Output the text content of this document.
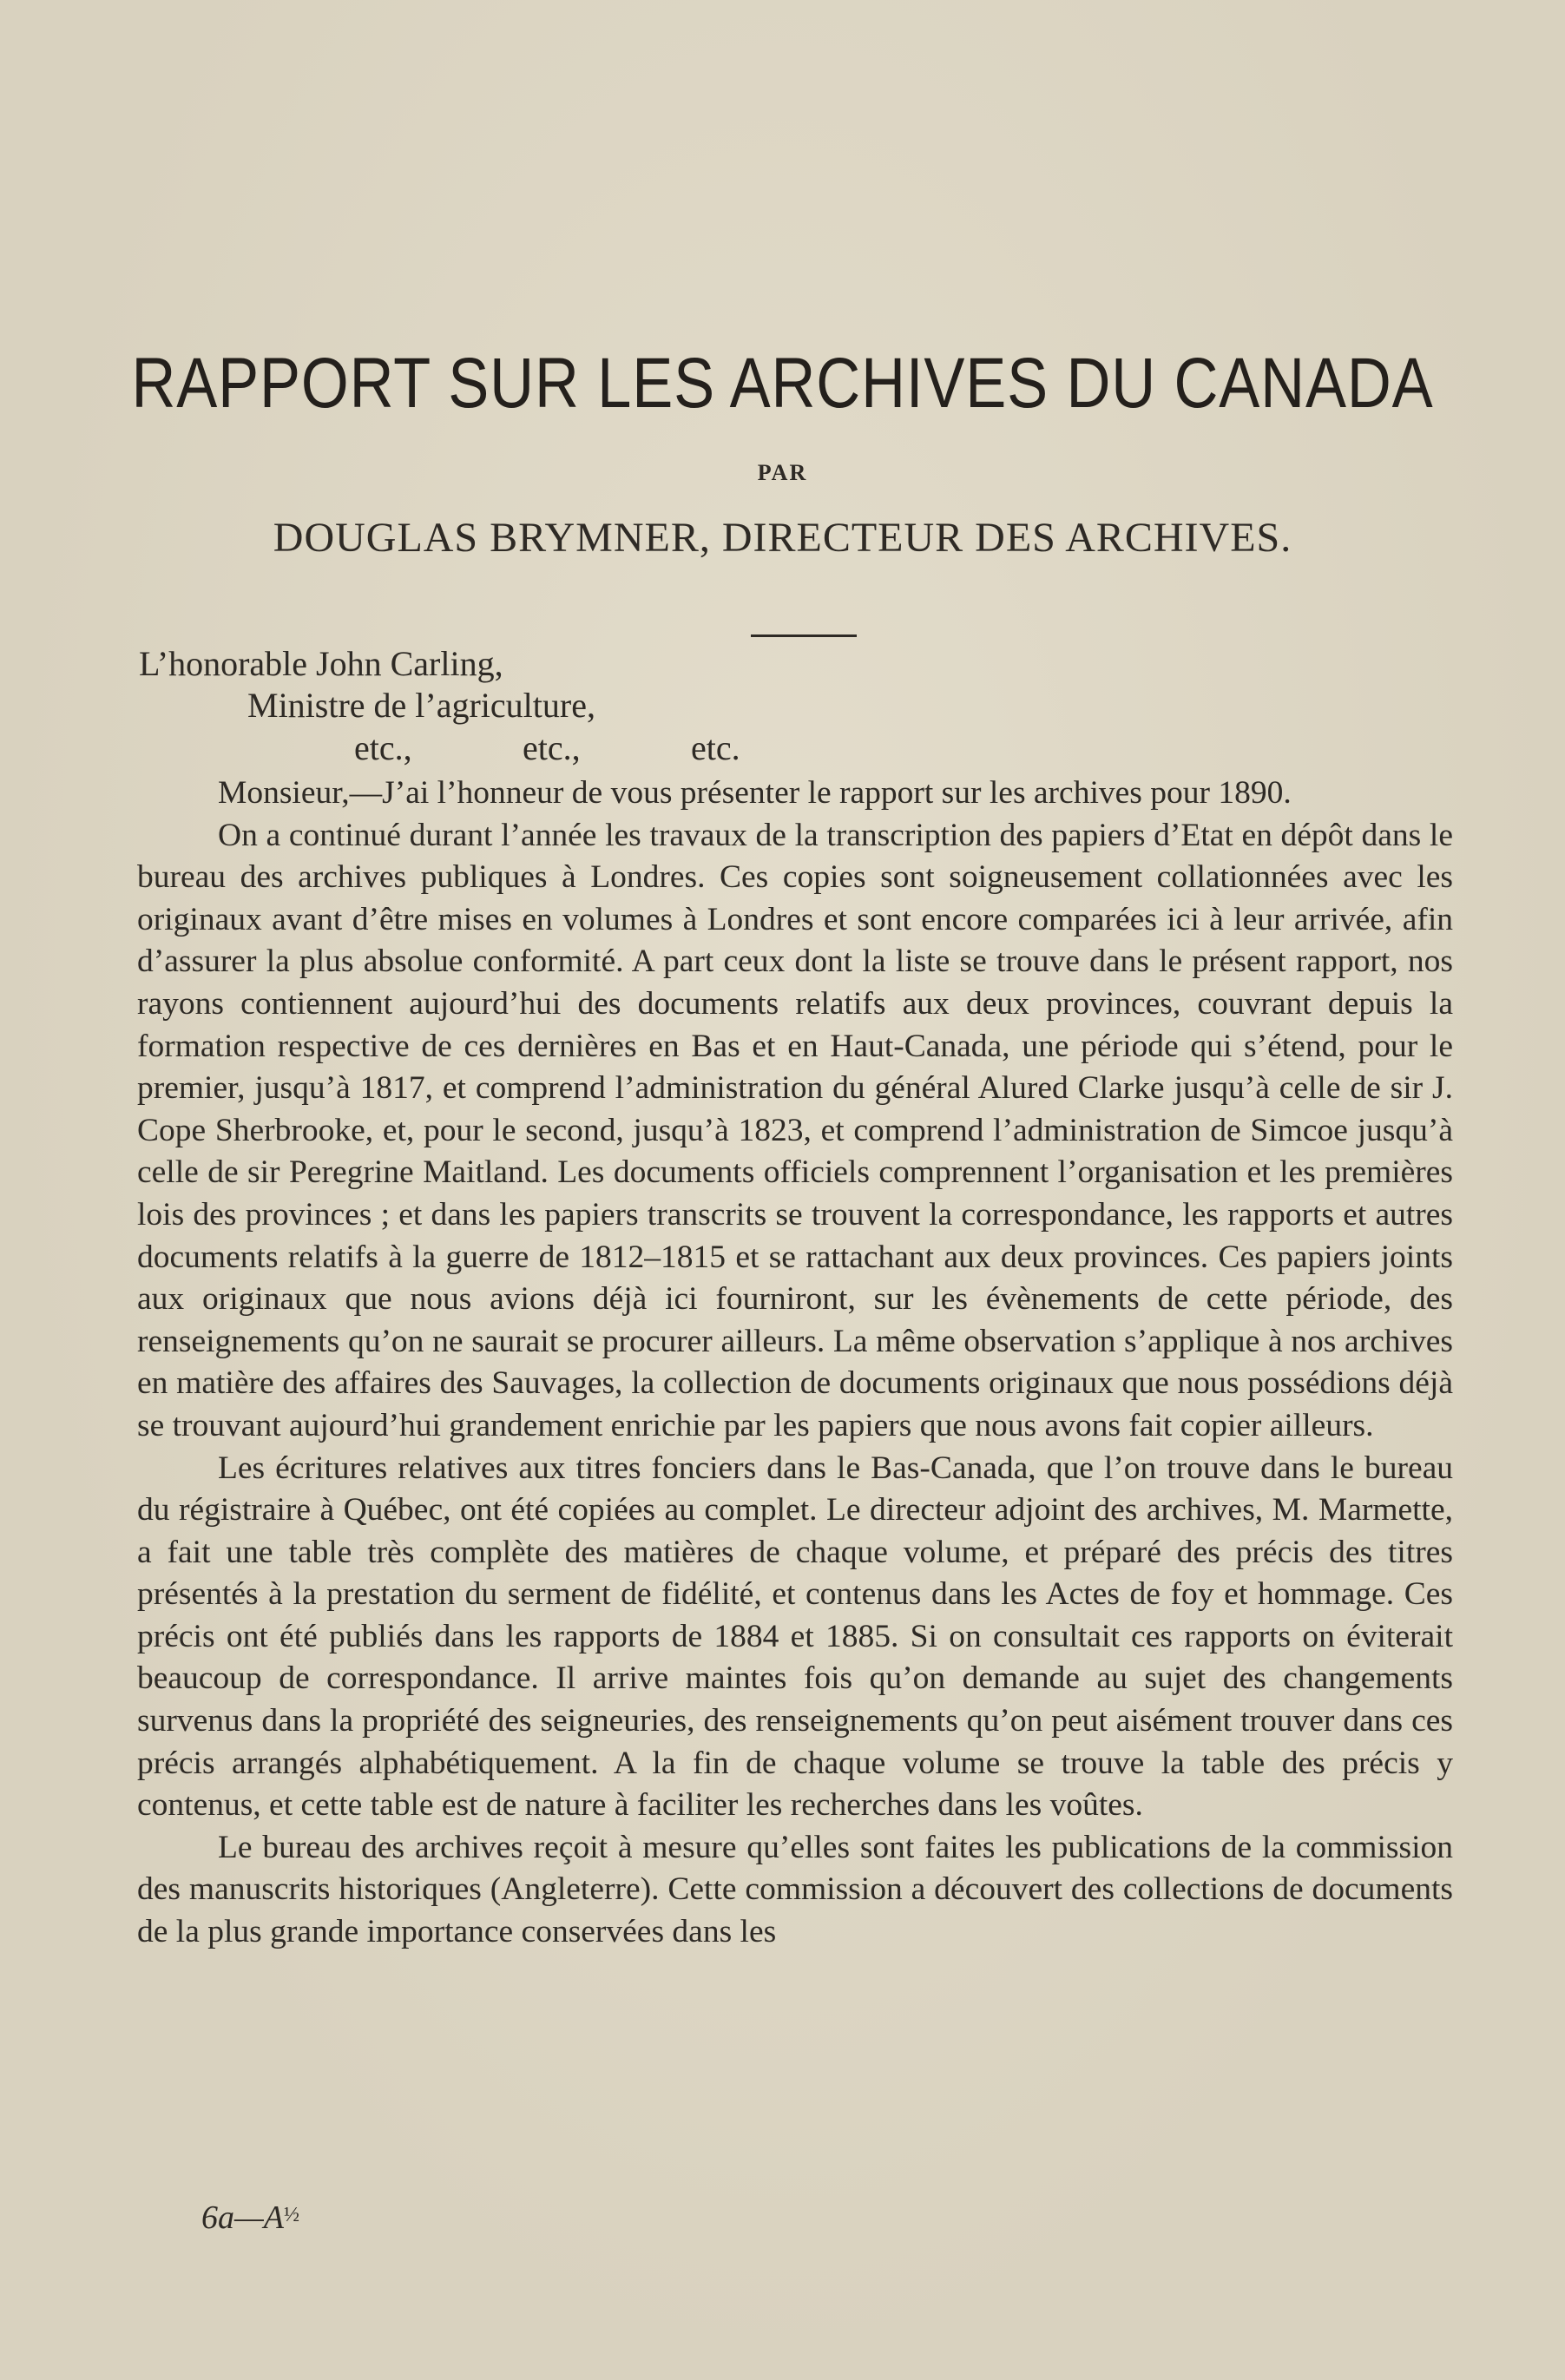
RAPPORT SUR LES ARCHIVES DU CANADA
PAR
DOUGLAS BRYMNER, DIRECTEUR DES ARCHIVES.
L’honorable John Carling,
Ministre de l’agriculture,
etc.,	etc.,	etc.

Monsieur,—J’ai l’honneur de vous présenter le rapport sur les archives pour 1890.

On a continué durant l’année les travaux de la transcription des papiers d’Etat en dépôt dans le bureau des archives publiques à Londres. Ces copies sont soigneusement collationnées avec les originaux avant d’être mises en volumes à Londres et sont encore comparées ici à leur arrivée, afin d’assurer la plus absolue conformité. A part ceux dont la liste se trouve dans le présent rapport, nos rayons contiennent aujourd’hui des documents relatifs aux deux provinces, couvrant depuis la formation respective de ces dernières en Bas et en Haut-Canada, une période qui s’étend, pour le premier, jusqu’à 1817, et comprend l’administration du général Alured Clarke jusqu’à celle de sir J. Cope Sherbrooke, et, pour le second, jusqu’à 1823, et comprend l’administration de Simcoe jusqu’à celle de sir Peregrine Maitland. Les documents officiels comprennent l’organisation et les premières lois des provinces ; et dans les papiers transcrits se trouvent la correspondance, les rapports et autres documents relatifs à la guerre de 1812–1815 et se rattachant aux deux provinces. Ces papiers joints aux originaux que nous avions déjà ici fourniront, sur les évènements de cette période, des renseignements qu’on ne saurait se procurer ailleurs. La même observation s’applique à nos archives en matière des affaires des Sauvages, la collection de documents originaux que nous possédions déjà se trouvant aujourd’hui grandement enrichie par les papiers que nous avons fait copier ailleurs.

Les écritures relatives aux titres fonciers dans le Bas-Canada, que l’on trouve dans le bureau du régistraire à Québec, ont été copiées au complet. Le directeur adjoint des archives, M. Marmette, a fait une table très complète des matières de chaque volume, et préparé des précis des titres présentés à la prestation du serment de fidélité, et contenus dans les Actes de foy et hommage. Ces précis ont été publiés dans les rapports de 1884 et 1885. Si on consultait ces rapports on éviterait beaucoup de correspondance. Il arrive maintes fois qu’on demande au sujet des changements survenus dans la propriété des seigneuries, des renseignements qu’on peut aisément trouver dans ces précis arrangés alphabétiquement. A la fin de chaque volume se trouve la table des précis y contenus, et cette table est de nature à faciliter les recherches dans les voûtes.

Le bureau des archives reçoit à mesure qu’elles sont faites les publications de la commission des manuscrits historiques (Angleterre). Cette commission a découvert des collections de documents de la plus grande importance conservées dans les

$6a—A^{\frac{1}{2}}$
